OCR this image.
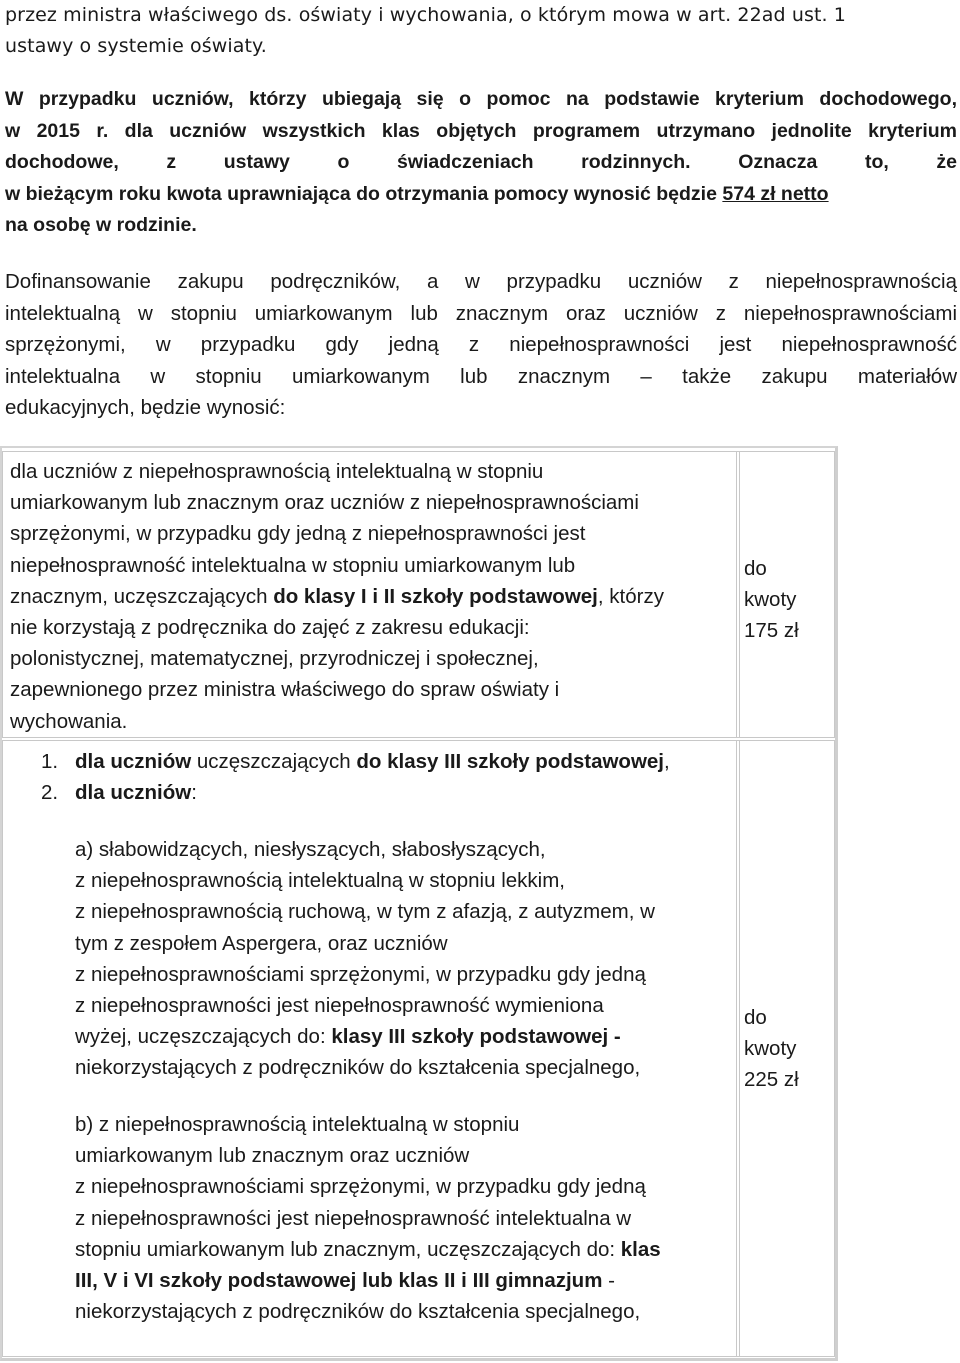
przez ministra właściwego ds. oświaty i wychowania, o którym mowa w art. 22ad ust. 1
ustawy o systemie oświaty.
W przypadku uczniów, którzy ubiegają się o pomoc na podstawie kryterium dochodowego,
w 2015 r. dla uczniów wszystkich klas objętych programem utrzymano jednolite kryterium
dochodowe, z ustawy o świadczeniach rodzinnych. Oznacza to, że
w bieżącym roku kwota uprawniająca do otrzymania pomocy wynosić będzie 574 zł netto
na osobę w rodzinie.
Dofinansowanie zakupu podręczników, a w przypadku uczniów z niepełnosprawnością
intelektualną w stopniu umiarkowanym lub znacznym oraz uczniów z niepełnosprawnościami
sprzężonymi, w przypadku gdy jedną z niepełnosprawności jest niepełnosprawność
intelektualna w stopniu umiarkowanym lub znacznym – także zakupu materiałów
edukacyjnych, będzie wynosić:
dla uczniów z niepełnosprawnością intelektualną w stopniu
umiarkowanym lub znacznym oraz uczniów z niepełnosprawnościami
sprzężonymi, w przypadku gdy jedną z niepełnosprawności jest
niepełnosprawność intelektualna w stopniu umiarkowanym lub
znacznym, uczęszczających do klasy I i II szkoły podstawowej, którzy
nie korzystają z podręcznika do zajęć z zakresu edukacji:
polonistycznej, matematycznej, przyrodniczej i społecznej,
zapewnionego przez ministra właściwego do spraw oświaty i
wychowania.
do
kwoty
175 zł
1. dla uczniów uczęszczających do klasy III szkoły podstawowej,
2. dla uczniów:
a) słabowidzących, niesłyszących, słabosłyszących,
z niepełnosprawnością intelektualną w stopniu lekkim,
z niepełnosprawnością ruchową, w tym z afazją, z autyzmem, w
tym z zespołem Aspergera, oraz uczniów
z niepełnosprawnościami sprzężonymi, w przypadku gdy jedną
z niepełnosprawności jest niepełnosprawność wymieniona
wyżej, uczęszczających do: klasy III szkoły podstawowej -
niekorzystających z podręczników do kształcenia specjalnego,
b) z niepełnosprawnością intelektualną w stopniu
umiarkowanym lub znacznym oraz uczniów
z niepełnosprawnościami sprzężonymi, w przypadku gdy jedną
z niepełnosprawności jest niepełnosprawność intelektualna w
stopniu umiarkowanym lub znacznym, uczęszczających do: klas
III, V i VI szkoły podstawowej lub klas II i III gimnazjum -
niekorzystających z podręczników do kształcenia specjalnego,
do
kwoty
225 zł
